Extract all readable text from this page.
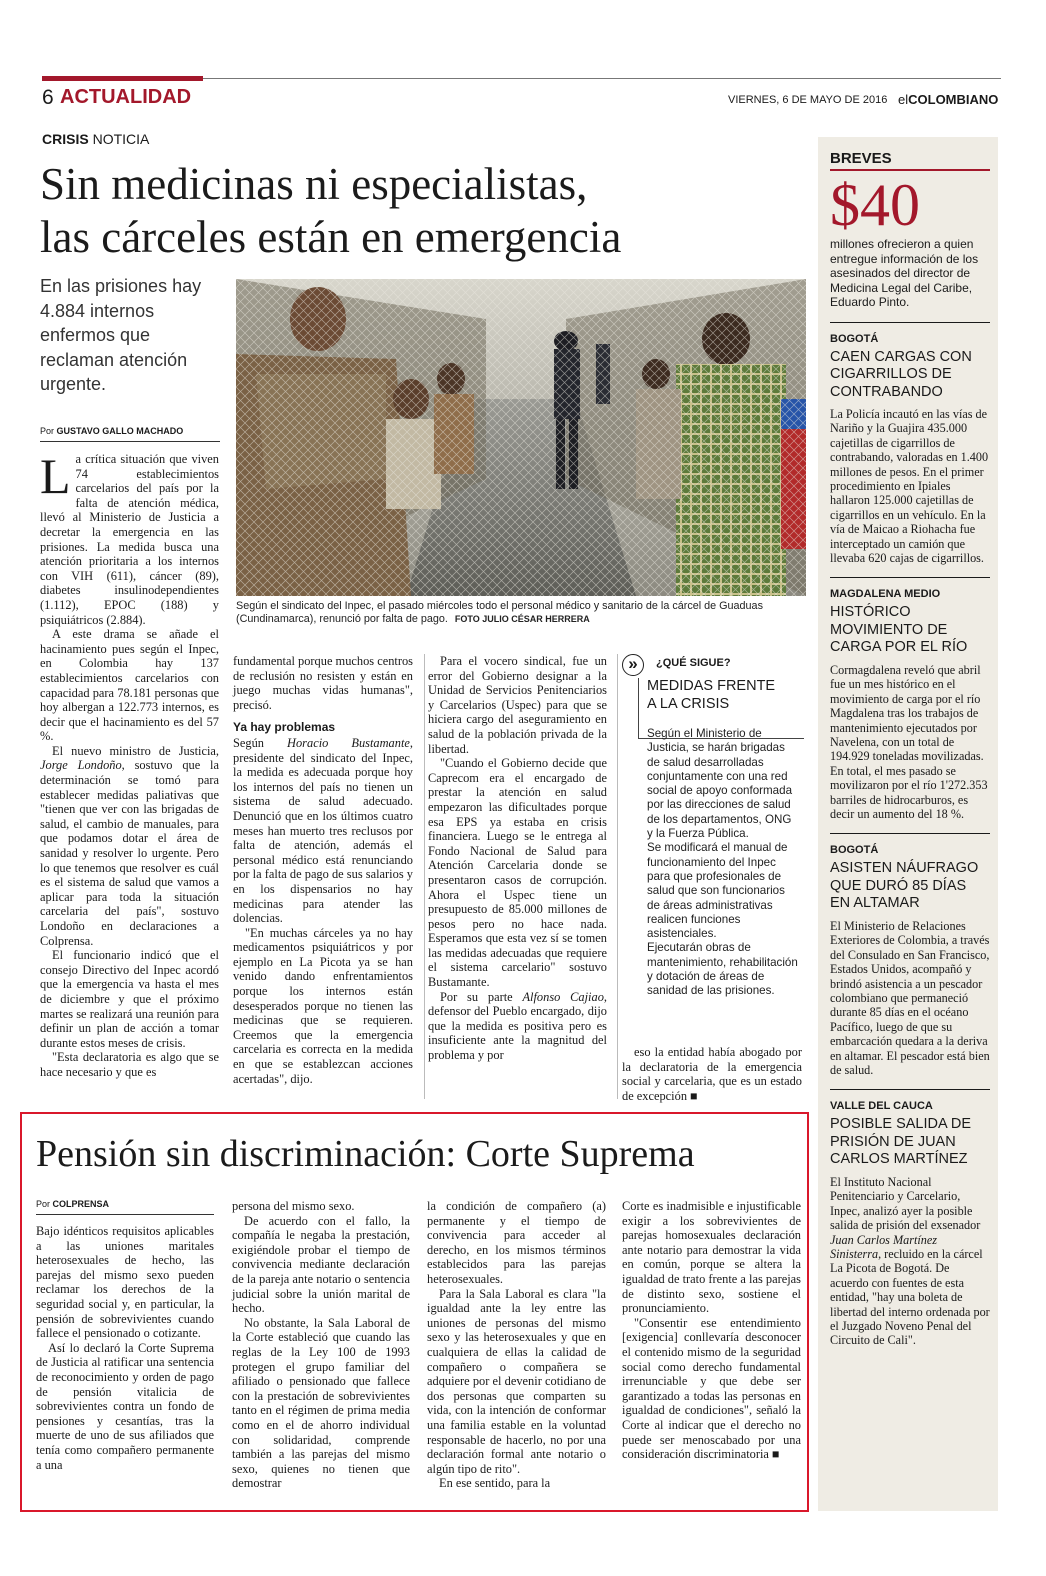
6 ACTUALIDAD	VIERNES, 6 DE MAYO DE 2016 elCOLOMBIANO
CRISIS NOTICIA
Sin medicinas ni especialistas,
las cárceles están en emergencia
En las prisiones hay 4.884 internos enfermos que reclaman atención urgente.
Según el sindicato del Inpec, el pasado miércoles todo el personal médico y sanitario de la cárcel de Guaduas (Cundinamarca), renunció por falta de pago. FOTO JULIO CÉSAR HERRERA
Por GUSTAVO GALLO MACHADO

La crítica situación que viven 74 establecimientos carcelarios del país por la falta de atención médica, llevó al Ministerio de Justicia a decretar la emergencia en las prisiones. La medida busca una atención prioritaria a los internos con VIH (611), cáncer (89), diabetes insulinodependientes (1.112), EPOC (188) y psiquiátricos (2.884).

A este drama se añade el hacinamiento pues según el Inpec, en Colombia hay 137 establecimientos carcelarios con capacidad para 78.181 personas que hoy albergan a 122.773 internos, es decir que el hacinamiento es del 57 %.

El nuevo ministro de Justicia, Jorge Londoño, sostuvo que la determinación se tomó para establecer medidas paliativas que "tienen que ver con las brigadas de salud, el cambio de manuales, para que podamos dotar el área de sanidad y resolver lo urgente. Pero lo que tenemos que resolver es cuál es el sistema de salud que vamos a aplicar para toda la situación carcelaria del país", sostuvo Londoño en declaraciones a Colprensa.

El funcionario indicó que el consejo Directivo del Inpec acordó que la emergencia va hasta el mes de diciembre y que el próximo martes se realizará una reunión para definir un plan de acción a tomar durante estos meses de crisis.

"Esta declaratoria es algo que se hace necesario y que es

fundamental porque muchos centros de reclusión no resisten y están en juego muchas vidas humanas", precisó.

Ya hay problemas

Según Horacio Bustamante, presidente del sindicato del Inpec, la medida es adecuada porque hoy los internos del país no tienen un sistema de salud adecuado. Denunció que en los últimos cuatro meses han muerto tres reclusos por falta de atención, además el personal médico está renunciando por la falta de pago de sus salarios y en los dispensarios no hay medicinas para atender las dolencias.

"En muchas cárceles ya no hay medicamentos psiquiátricos y por ejemplo en La Picota ya se han venido dando enfrentamientos porque los internos están desesperados porque no tienen las medicinas que se requieren. Creemos que la emergencia carcelaria es correcta en la medida en que se establezcan acciones acertadas", dijo.

Para el vocero sindical, fue un error del Gobierno designar a la Unidad de Servicios Penitenciarios y Carcelarios (Uspec) para que se hiciera cargo del aseguramiento en salud de la población privada de la libertad.

"Cuando el Gobierno decide que Caprecom era el encargado de prestar la atención en salud empezaron las dificultades porque esa EPS ya estaba en crisis financiera. Luego se le entrega al Fondo Nacional de Salud para Atención Carcelaria donde se presentaron casos de corrupción. Ahora el Uspec tiene un presupuesto de 85.000 millones de pesos pero no hace nada. Esperamos que esta vez sí se tomen las medidas adecuadas que requiere el sistema carcelario" sostuvo Bustamante.

Por su parte Alfonso Cajiao, defensor del Pueblo encargado, dijo que la medida es positiva pero es insuficiente ante la magnitud del problema y por

»	¿QUÉ SIGUE?
MEDIDAS FRENTE A LA CRISIS
Según el Ministerio de Justicia, se harán brigadas de salud desarrolladas conjuntamente con una red social de apoyo conformada por las direcciones de salud de los departamentos, ONG y la Fuerza Pública.
Se modificará el manual de funcionamiento del Inpec para que profesionales de salud que son funcionarios de áreas administrativas realicen funciones asistenciales.
Ejecutarán obras de mantenimiento, rehabilitación y dotación de áreas de sanidad de las prisiones.

eso la entidad había abogado por la declaratoria de la emergencia social y carcelaria, que es un estado de excepción ■

BREVES
$40
millones ofrecieron a quien entregue información de los asesinados del director de Medicina Legal del Caribe, Eduardo Pinto.
BOGOTÁ
CAEN CARGAS CON CIGARRILLOS DE CONTRABANDO
La Policía incautó en las vías de Nariño y la Guajira 435.000 cajetillas de cigarrillos de contrabando, valoradas en 1.400 millones de pesos. En el primer procedimiento en Ipiales hallaron 125.000 cajetillas de cigarrillos en un vehículo. En la vía de Maicao a Riohacha fue interceptado un camión que llevaba 620 cajas de cigarrillos.
MAGDALENA MEDIO
HISTÓRICO MOVIMIENTO DE CARGA POR EL RÍO
Cormagdalena reveló que abril fue un mes histórico en el movimiento de carga por el río Magdalena tras los trabajos de mantenimiento ejecutados por Navelena, con un total de 194.929 toneladas movilizadas. En total, el mes pasado se movilizaron por el río 1'272.353 barriles de hidrocarburos, es decir un aumento del 18 %.
BOGOTÁ
ASISTEN NÁUFRAGO QUE DURÓ 85 DÍAS EN ALTAMAR
El Ministerio de Relaciones Exteriores de Colombia, a través del Consulado en San Francisco, Estados Unidos, acompañó y brindó asistencia a un pescador colombiano que permaneció durante 85 días en el océano Pacífico, luego de que su embarcación quedara a la deriva en altamar. El pescador está bien de salud.
VALLE DEL CAUCA
POSIBLE SALIDA DE PRISIÓN DE JUAN CARLOS MARTÍNEZ
El Instituto Nacional Penitenciario y Carcelario, Inpec, analizó ayer la posible salida de prisión del exsenador Juan Carlos Martínez Sinisterra, recluido en la cárcel La Picota de Bogotá. De acuerdo con fuentes de esta entidad, "hay una boleta de libertad del interno ordenada por el Juzgado Noveno Penal del Circuito de Cali".
Pensión sin discriminación: Corte Suprema
Por COLPRENSA

Bajo idénticos requisitos aplicables a las uniones maritales heterosexuales de hecho, las parejas del mismo sexo pueden reclamar los derechos de la seguridad social y, en particular, la pensión de sobrevivientes cuando fallece el pensionado o cotizante.

Así lo declaró la Corte Suprema de Justicia al ratificar una sentencia de reconocimiento y orden de pago de pensión vitalicia de sobrevivientes contra un fondo de pensiones y cesantías, tras la muerte de uno de sus afiliados que tenía como compañero permanente a una

persona del mismo sexo.

De acuerdo con el fallo, la compañía le negaba la prestación, exigiéndole probar el tiempo de convivencia mediante declaración de la pareja ante notario o sentencia judicial sobre la unión marital de hecho.

No obstante, la Sala Laboral de la Corte estableció que cuando las reglas de la Ley 100 de 1993 protegen el grupo familiar del afiliado o pensionado que fallece con la prestación de sobrevivientes tanto en el régimen de prima media como en el de ahorro individual con solidaridad, comprende también a las parejas del mismo sexo, quienes no tienen que demostrar

la condición de compañero (a) permanente y el tiempo de convivencia para acceder al derecho, en los mismos términos establecidos para las parejas heterosexuales.

Para la Sala Laboral es clara "la igualdad ante la ley entre las uniones de personas del mismo sexo y las heterosexuales y que en cualquiera de ellas la calidad de compañero o compañera se adquiere por el devenir cotidiano de dos personas que comparten su vida, con la intención de conformar una familia estable en la voluntad responsable de hacerlo, no por una declaración formal ante notario o algún tipo de rito".

En ese sentido, para la

Corte es inadmisible e injustificable exigir a los sobrevivientes de parejas homosexuales declaración ante notario para demostrar la vida en común, porque se altera la igualdad de trato frente a las parejas de distinto sexo, sostiene el pronunciamiento.

"Consentir ese entendimiento [exigencia] conllevaría desconocer el contenido mismo de la seguridad social como derecho fundamental irrenunciable y que debe ser garantizado a todas las personas en igualdad de condiciones", señaló la Corte al indicar que el derecho no puede ser menoscabado por una consideración discriminatoria ■
